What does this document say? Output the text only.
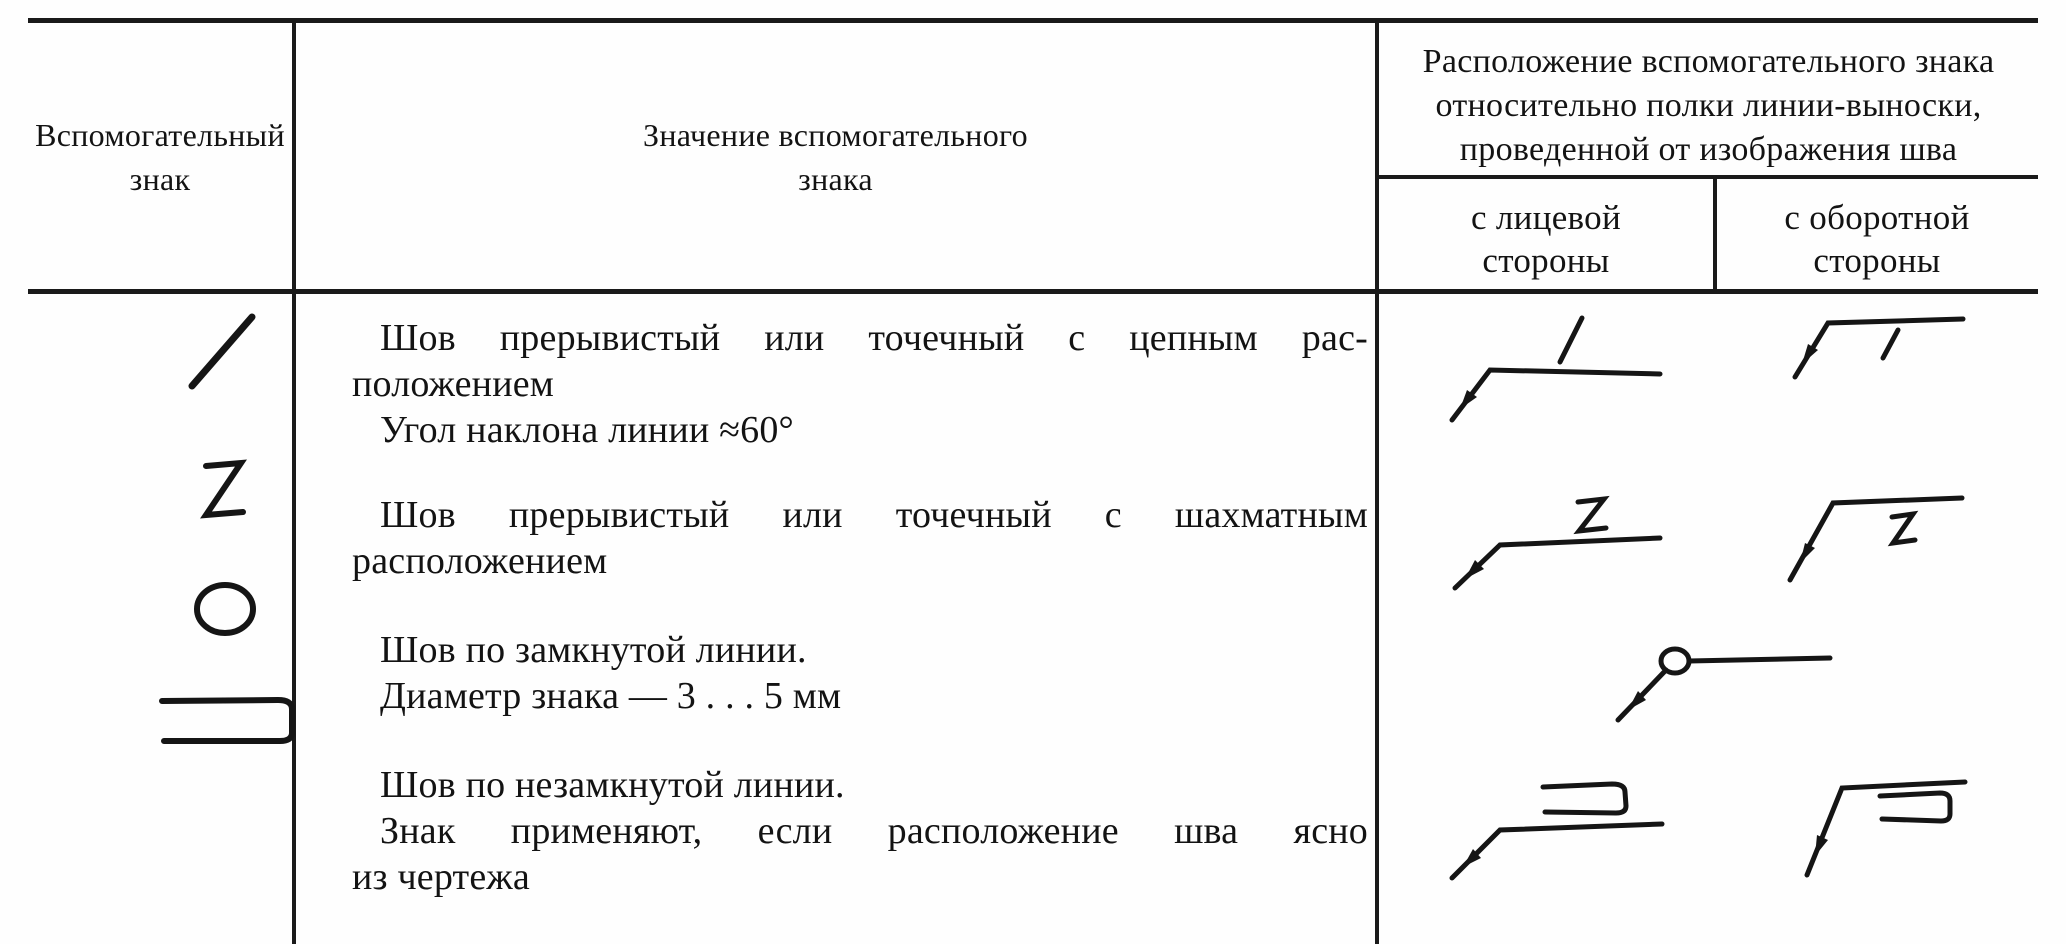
Вспомогательный
знак
Значение вспомогательного
знака
Расположение вспомогательного знака
относительно полки линии-выноски,
проведенной от изображения шва
с лицевой
стороны
с оборотной
стороны
Шов прерывистый или точечный с цепным рас-
положением
Угол наклона линии ≈60°
Шов прерывистый или точечный с шахматным
расположением
Шов по замкнутой линии.
Диаметр знака — 3 . . . 5 мм
Шов по незамкнутой линии.
Знак применяют, если расположение шва ясно
из чертежа
